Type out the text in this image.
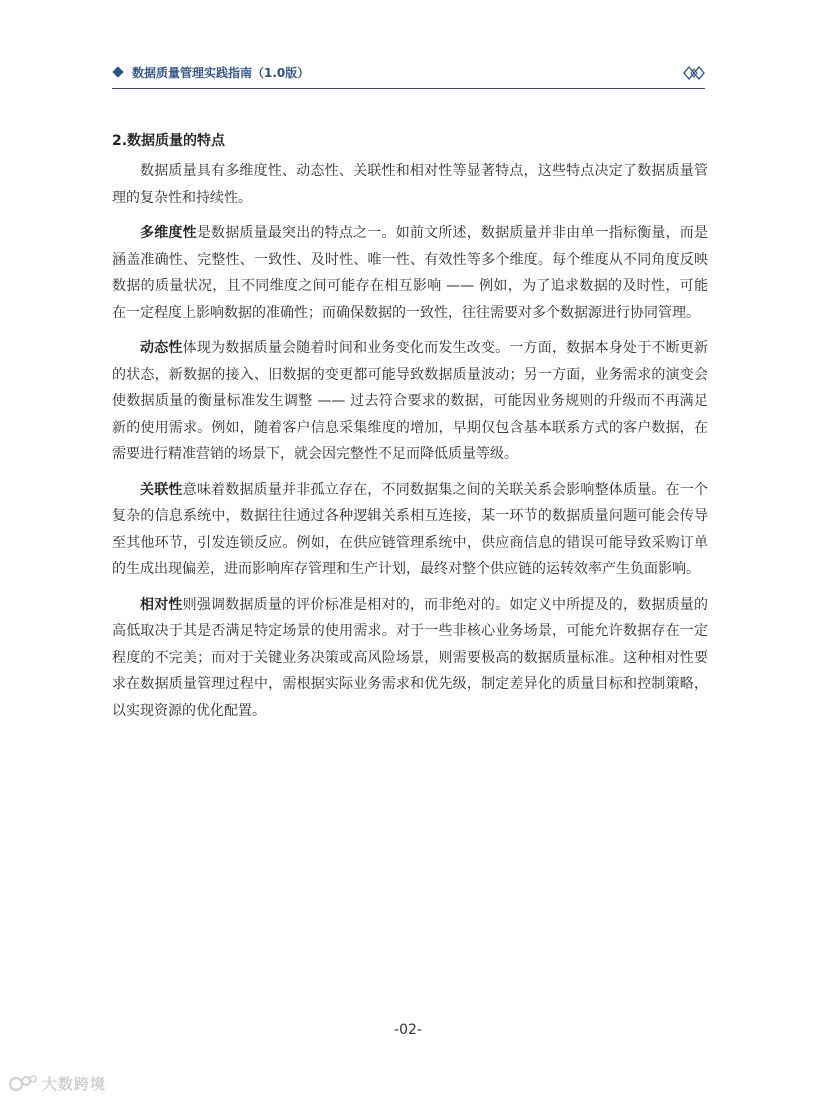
数据质量管理实践指南（1.0版）
2.数据质量的特点

数据质量具有多维度性、动态性、关联性和相对性等显著特点，这些特点决定了数据质量管理的复杂性和持续性。

多维度性是数据质量最突出的特点之一。如前文所述，数据质量并非由单一指标衡量，而是涵盖准确性、完整性、一致性、及时性、唯一性、有效性等多个维度。每个维度从不同角度反映数据的质量状况，且不同维度之间可能存在相互影响 —— 例如，为了追求数据的及时性，可能在一定程度上影响数据的准确性；而确保数据的一致性，往往需要对多个数据源进行协同管理。

动态性体现为数据质量会随着时间和业务变化而发生改变。一方面，数据本身处于不断更新的状态，新数据的接入、旧数据的变更都可能导致数据质量波动；另一方面，业务需求的演变会使数据质量的衡量标准发生调整 —— 过去符合要求的数据，可能因业务规则的升级而不再满足新的使用需求。例如，随着客户信息采集维度的增加，早期仅包含基本联系方式的客户数据，在需要进行精准营销的场景下，就会因完整性不足而降低质量等级。

关联性意味着数据质量并非孤立存在，不同数据集之间的关联关系会影响整体质量。在一个复杂的信息系统中，数据往往通过各种逻辑关系相互连接，某一环节的数据质量问题可能会传导至其他环节，引发连锁反应。例如，在供应链管理系统中，供应商信息的错误可能导致采购订单的生成出现偏差，进而影响库存管理和生产计划，最终对整个供应链的运转效率产生负面影响。

相对性则强调数据质量的评价标准是相对的，而非绝对的。如定义中所提及的，数据质量的高低取决于其是否满足特定场景的使用需求。对于一些非核心业务场景，可能允许数据存在一定程度的不完美；而对于关键业务决策或高风险场景，则需要极高的数据质量标准。这种相对性要求在数据质量管理过程中，需根据实际业务需求和优先级，制定差异化的质量目标和控制策略，以实现资源的优化配置。

-02-
大数跨境
